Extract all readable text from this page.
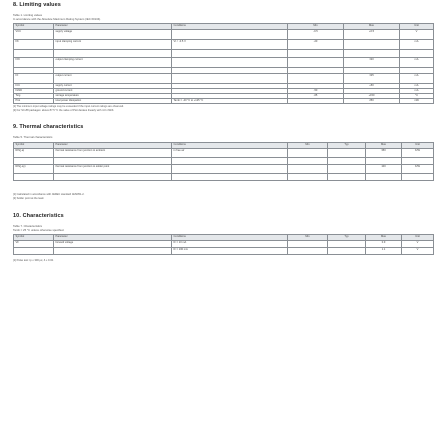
8. Limiting values
Table 1. Limiting values
In accordance with the Absolute Maximum Rating System (IEC 60134).
Symbol	Parameter	Conditions	Min	Max	Unit
VCC	supply voltage		-0.5	+6.5	V
IIK	input clamping current	VI < -0.5 V	-20		mA

IOK	output clamping current			±20	mA

IO	output current			±25	mA
ICC	supply current			+50	mA
IGND	ground current		-50		mA
Tstg	storage temperature		-65	+150	°C
Ptot	total power dissipation	Tamb = -40 °C to +125 °C		250	mW
[1] The minimum input voltage ratings may be exceeded if the input current ratings are observed.
[2] For SC-88 packages: above 87.5 °C the value of Ptot derates linearly with 4.0 mW/K.
9. Thermal characteristics
Table 5. Thermal characteristics
Symbol	Parameter	Conditions	Min	Typ	Max	Unit
Rth(j-a)	thermal resistance from junction to ambient	in free air			350	K/W

Rth(j-sp)	thermal resistance from junction to solder point				100	K/W

[1] Calculated in accordance with JEDEC standard JESD51-2.
[2] Solder point at the lead.
10. Characteristics
Table 7. Characteristics
Tamb = 25 °C unless otherwise specified.
Symbol	Parameter	Conditions	Min	Typ	Max	Unit
VF	forward voltage	IF = 10 mA			0.9	V
		IF = 100 mA			1.1	V
[1] Pulse test: tp ≤ 300 μs; δ ≤ 0.02.
